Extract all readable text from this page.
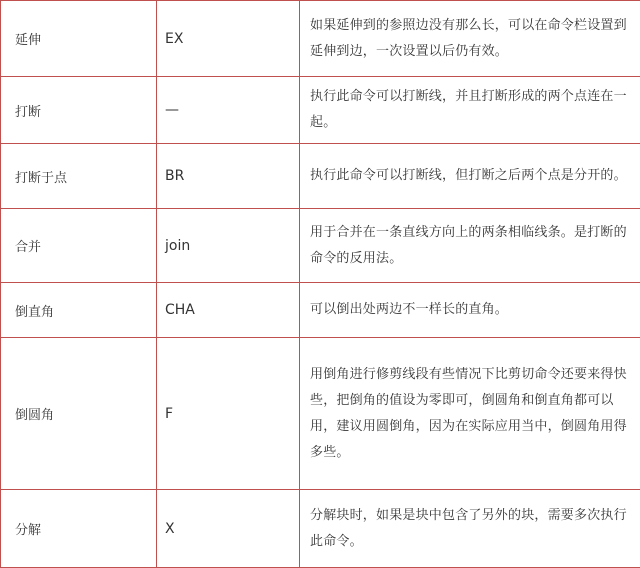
延伸	EX	如果延伸到的参照边没有那么长，可以在命令栏设置到延伸到边，一次设置以后仍有效。

打断	—	执行此命令可以打断线，并且打断形成的两个点连在一起。

打断于点	BR	执行此命令可以打断线，但打断之后两个点是分开的。

合并	join	用于合并在一条直线方向上的两条相临线条。是打断的命令的反用法。

倒直角	CHA	可以倒出处两边不一样长的直角。

倒圆角	F	用倒角进行修剪线段有些情况下比剪切命令还要来得快些，把倒角的值设为零即可，倒圆角和倒直角都可以用，建议用圆倒角，因为在实际应用当中，倒圆角用得多些。

分解	X	分解块时，如果是块中包含了另外的块，需要多次执行此命令。
